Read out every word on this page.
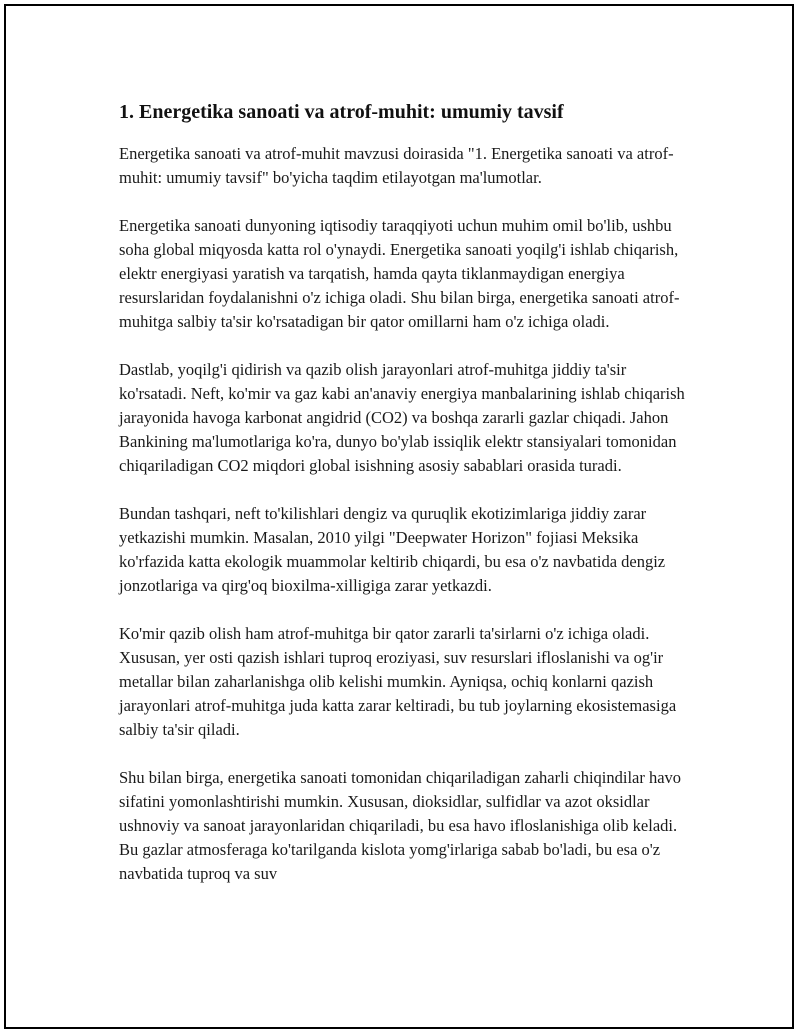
1. Energetika sanoati va atrof-muhit: umumiy tavsif

Energetika sanoati va atrof-muhit mavzusi doirasida "1. Energetika sanoati va atrof-muhit: umumiy tavsif" bo'yicha taqdim etilayotgan ma'lumotlar.

Energetika sanoati dunyoning iqtisodiy taraqqiyoti uchun muhim omil bo'lib, ushbu soha global miqyosda katta rol o'ynaydi. Energetika sanoati yoqilg'i ishlab chiqarish, elektr energiyasi yaratish va tarqatish, hamda qayta tiklanmaydigan energiya resurslaridan foydalanishni o'z ichiga oladi. Shu bilan birga, energetika sanoati atrof-muhitga salbiy ta'sir ko'rsatadigan bir qator omillarni ham o'z ichiga oladi.

Dastlab, yoqilg'i qidirish va qazib olish jarayonlari atrof-muhitga jiddiy ta'sir ko'rsatadi. Neft, ko'mir va gaz kabi an'anaviy energiya manbalarining ishlab chiqarish jarayonida havoga karbonat angidrid (CO2) va boshqa zararli gazlar chiqadi. Jahon Bankining ma'lumotlariga ko'ra, dunyo bo'ylab issiqlik elektr stansiyalari tomonidan chiqariladigan CO2 miqdori global isishning asosiy sabablari orasida turadi.

Bundan tashqari, neft to'kilishlari dengiz va quruqlik ekotizimlariga jiddiy zarar yetkazishi mumkin. Masalan, 2010 yilgi "Deepwater Horizon" fojiasi Meksika ko'rfazida katta ekologik muammolar keltirib chiqardi, bu esa o'z navbatida dengiz jonzotlariga va qirg'oq bioxilma-xilligiga zarar yetkazdi.

Ko'mir qazib olish ham atrof-muhitga bir qator zararli ta'sirlarni o'z ichiga oladi. Xususan, yer osti qazish ishlari tuproq eroziyasi, suv resurslari ifloslanishi va og'ir metallar bilan zaharlanishga olib kelishi mumkin. Ayniqsa, ochiq konlarni qazish jarayonlari atrof-muhitga juda katta zarar keltiradi, bu tub joylarning ekosistemasiga salbiy ta'sir qiladi.

Shu bilan birga, energetika sanoati tomonidan chiqariladigan zaharli chiqindilar havo sifatini yomonlashtirishi mumkin. Xususan, dioksidlar, sulfidlar va azot oksidlar ushnoviy va sanoat jarayonlaridan chiqariladi, bu esa havo ifloslanishiga olib keladi. Bu gazlar atmosferaga ko'tarilganda kislota yomg'irlariga sabab bo'ladi, bu esa o'z navbatida tuproq va suv
